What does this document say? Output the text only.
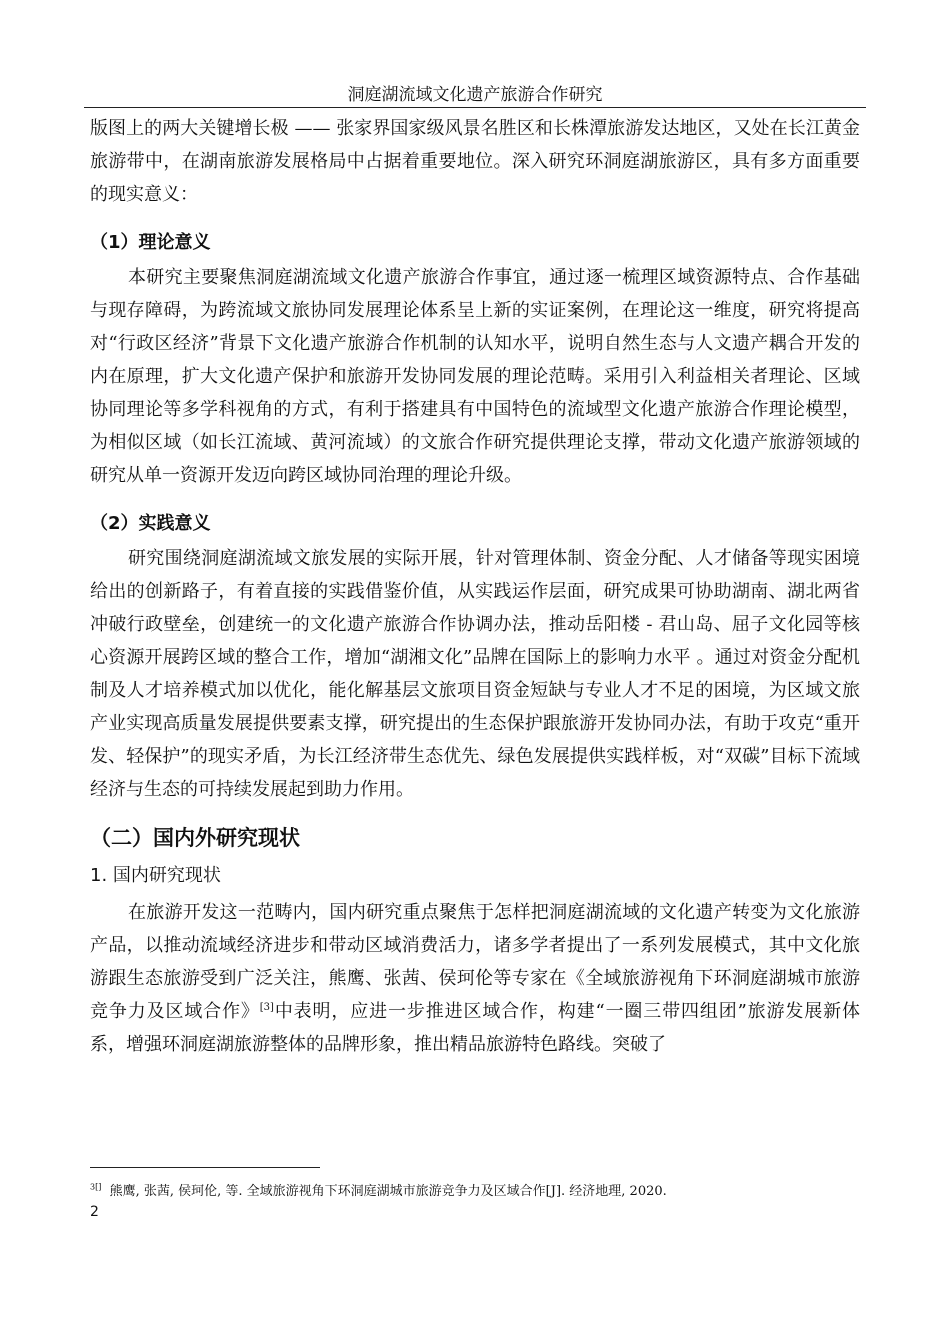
洞庭湖流域文化遗产旅游合作研究

版图上的两大关键增长极 —— 张家界国家级风景名胜区和长株潭旅游发达地区，又处在长江黄金旅游带中，在湖南旅游发展格局中占据着重要地位。深入研究环洞庭湖旅游区，具有多方面重要的现实意义：

（1）理论意义

本研究主要聚焦洞庭湖流域文化遗产旅游合作事宜，通过逐一梳理区域资源特点、合作基础与现存障碍，为跨流域文旅协同发展理论体系呈上新的实证案例，在理论这一维度，研究将提高对“行政区经济”背景下文化遗产旅游合作机制的认知水平，说明自然生态与人文遗产耦合开发的内在原理，扩大文化遗产保护和旅游开发协同发展的理论范畴。采用引入利益相关者理论、区域协同理论等多学科视角的方式，有利于搭建具有中国特色的流域型文化遗产旅游合作理论模型，为相似区域（如长江流域、黄河流域）的文旅合作研究提供理论支撑，带动文化遗产旅游领域的研究从单一资源开发迈向跨区域协同治理的理论升级。

（2）实践意义

研究围绕洞庭湖流域文旅发展的实际开展，针对管理体制、资金分配、人才储备等现实困境给出的创新路子，有着直接的实践借鉴价值，从实践运作层面，研究成果可协助湖南、湖北两省冲破行政壁垒，创建统一的文化遗产旅游合作协调办法，推动岳阳楼 - 君山岛、屈子文化园等核心资源开展跨区域的整合工作，增加“湖湘文化”品牌在国际上的影响力水平 。通过对资金分配机制及人才培养模式加以优化，能化解基层文旅项目资金短缺与专业人才不足的困境，为区域文旅产业实现高质量发展提供要素支撑，研究提出的生态保护跟旅游开发协同办法，有助于攻克“重开发、轻保护”的现实矛盾，为长江经济带生态优先、绿色发展提供实践样板，对“双碳”目标下流域经济与生态的可持续发展起到助力作用。

（二）国内外研究现状

1. 国内研究现状

在旅游开发这一范畴内，国内研究重点聚焦于怎样把洞庭湖流域的文化遗产转变为文化旅游产品，以推动流域经济进步和带动区域消费活力，诸多学者提出了一系列发展模式，其中文化旅游跟生态旅游受到广泛关注，熊鹰、张茜、侯珂伦等专家在《全域旅游视角下环洞庭湖城市旅游竞争力及区域合作》[3]中表明，应进一步推进区域合作，构建“一圈三带四组团”旅游发展新体系，增强环洞庭湖旅游整体的品牌形象，推出精品旅游特色路线。突破了

$^{3[]}$ 熊鹰, 张茜, 侯珂伦, 等. 全域旅游视角下环洞庭湖城市旅游竞争力及区域合作[J]. 经济地理, 2020.
2
